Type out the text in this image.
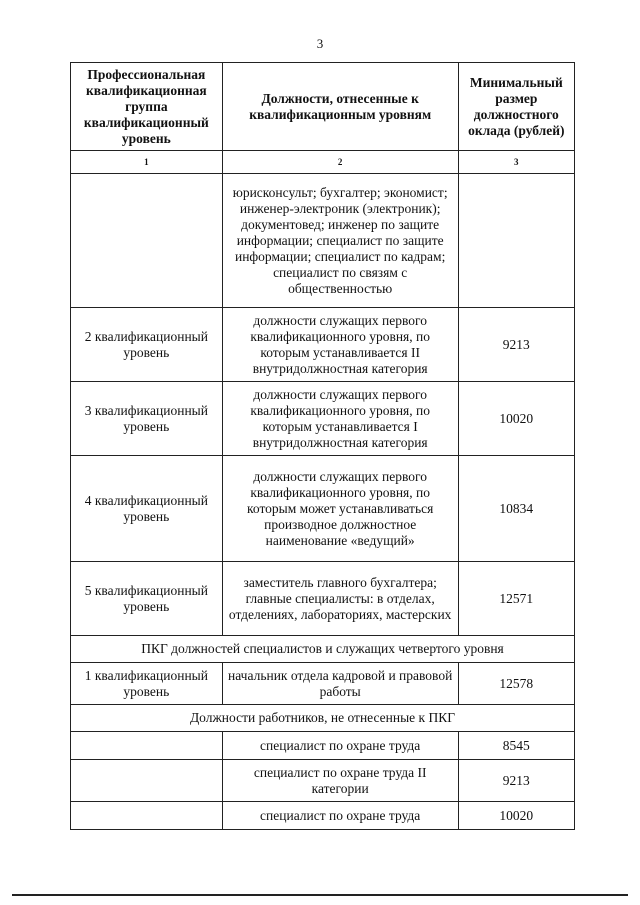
3
Профессиональная квалификационная группа квалификационный уровень	Должности, отнесенные к квалификационным уровням	Минимальный размер должностного оклада (рублей)
1	2	3
	юрисконсульт; бухгалтер; экономист; инженер-электроник (электроник); документовед; инженер по защите информации; специалист по защите информации; специалист по кадрам; специалист по связям с общественностью	
2 квалификационный уровень	должности служащих первого квалификационного уровня, по которым устанавливается II внутридолжностная категория	9213
3 квалификационный уровень	должности служащих первого квалификационного уровня, по которым устанавливается I внутридолжностная категория	10020
4 квалификационный уровень	должности служащих первого квалификационного уровня, по которым может устанавливаться производное должностное наименование «ведущий»	10834
5 квалификационный уровень	заместитель главного бухгалтера; главные специалисты: в отделах, отделениях, лабораториях, мастерских	12571
ПКГ должностей специалистов и служащих четвертого уровня		
1 квалификационный уровень	начальник отдела кадровой и правовой работы	12578
Должности работников, не отнесенные к ПКГ		
	специалист по охране труда	8545
	специалист по охране труда II категории	9213
	специалист по охране труда	10020
